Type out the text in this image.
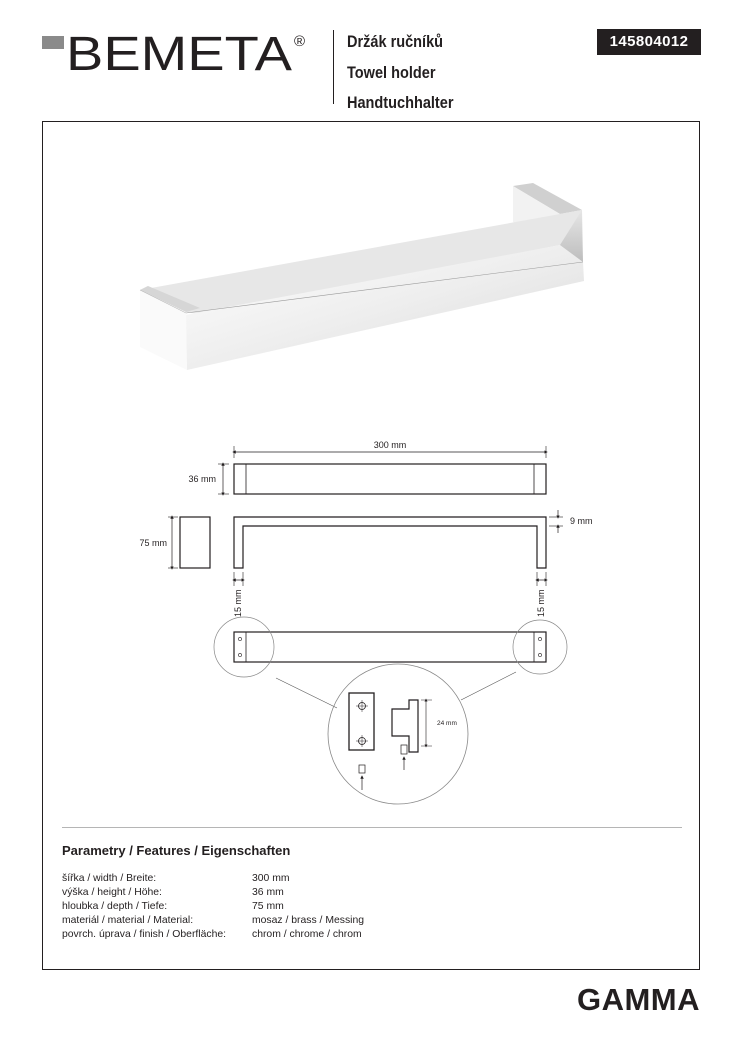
BEMETA ®	Držák ručníků
Towel holder
Handtuchhalter
145804012
300 mm
36 mm
75 mm
9 mm
15 mm	15 mm
24 mm
Parametry / Features / Eigenschaften
šířka / width / Breite:	300 mm
výška / height / Höhe:	36 mm
hloubka / depth / Tiefe:	75 mm
materiál / material / Material:	mosaz / brass / Messing
povrch. úprava / finish / Oberfläche: chrom / chrome / chrom
GAMMA
